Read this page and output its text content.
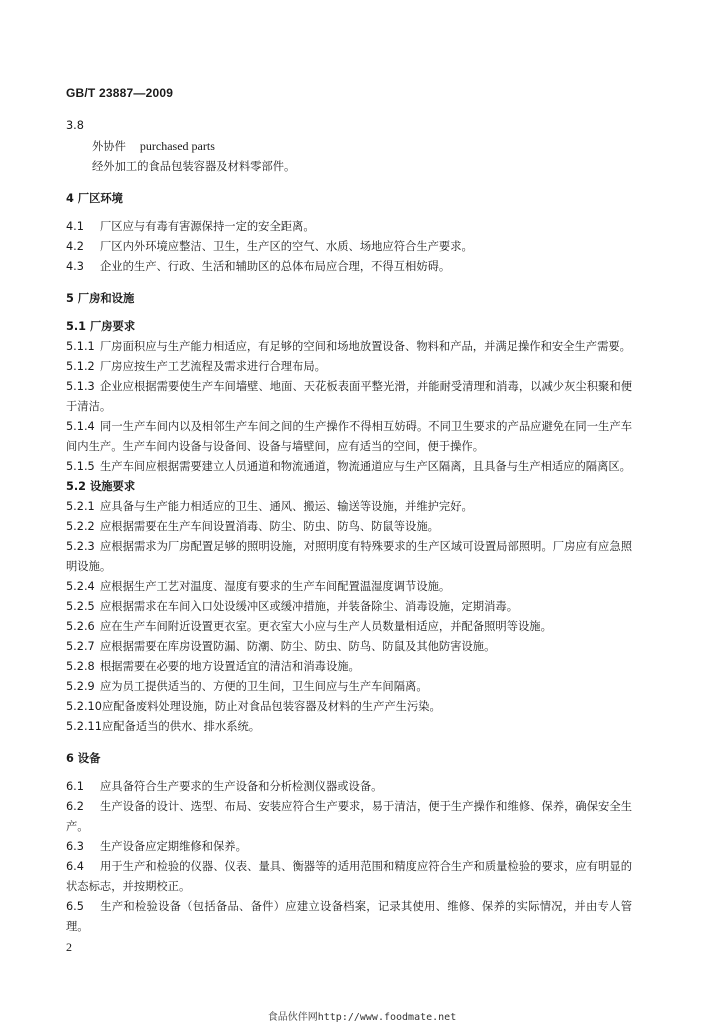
GB/T 23887—2009
3.8
外协件 purchased parts
经外加工的食品包装容器及材料零部件。
4 厂区环境
4.1 厂区应与有毒有害源保持一定的安全距离。
4.2 厂区内外环境应整洁、卫生，生产区的空气、水质、场地应符合生产要求。
4.3 企业的生产、行政、生活和辅助区的总体布局应合理，不得互相妨碍。
5 厂房和设施
5.1 厂房要求
5.1.1 厂房面积应与生产能力相适应，有足够的空间和场地放置设备、物料和产品，并满足操作和安全生产需要。
5.1.2 厂房应按生产工艺流程及需求进行合理布局。
5.1.3 企业应根据需要使生产车间墙壁、地面、天花板表面平整光滑，并能耐受清理和消毒，以减少灰尘积聚和便于清洁。
5.1.4 同一生产车间内以及相邻生产车间之间的生产操作不得相互妨碍。不同卫生要求的产品应避免在同一生产车间内生产。生产车间内设备与设备间、设备与墙壁间，应有适当的空间，便于操作。
5.1.5 生产车间应根据需要建立人员通道和物流通道，物流通道应与生产区隔离，且具备与生产相适应的隔离区。
5.2 设施要求
5.2.1 应具备与生产能力相适应的卫生、通风、搬运、输送等设施，并维护完好。
5.2.2 应根据需要在生产车间设置消毒、防尘、防虫、防鸟、防鼠等设施。
5.2.3 应根据需求为厂房配置足够的照明设施，对照明度有特殊要求的生产区域可设置局部照明。厂房应有应急照明设施。
5.2.4 应根据生产工艺对温度、湿度有要求的生产车间配置温湿度调节设施。
5.2.5 应根据需求在车间入口处设缓冲区或缓冲措施，并装备除尘、消毒设施，定期消毒。
5.2.6 应在生产车间附近设置更衣室。更衣室大小应与生产人员数量相适应，并配备照明等设施。
5.2.7 应根据需要在库房设置防漏、防潮、防尘、防虫、防鸟、防鼠及其他防害设施。
5.2.8 根据需要在必要的地方设置适宜的清洁和消毒设施。
5.2.9 应为员工提供适当的、方便的卫生间，卫生间应与生产车间隔离。
5.2.10应配备废料处理设施，防止对食品包装容器及材料的生产产生污染。
5.2.11应配备适当的供水、排水系统。
6 设备
6.1 应具备符合生产要求的生产设备和分析检测仪器或设备。
6.2 生产设备的设计、选型、布局、安装应符合生产要求，易于清洁，便于生产操作和维修、保养，确保安全生产。
6.3 生产设备应定期维修和保养。
6.4 用于生产和检验的仪器、仪表、量具、衡器等的适用范围和精度应符合生产和质量检验的要求，应有明显的状态标志，并按期校正。
6.5 生产和检验设备（包括备品、备件）应建立设备档案，记录其使用、维修、保养的实际情况，并由专人管理。
2
食品伙伴网http://www.foodmate.net
